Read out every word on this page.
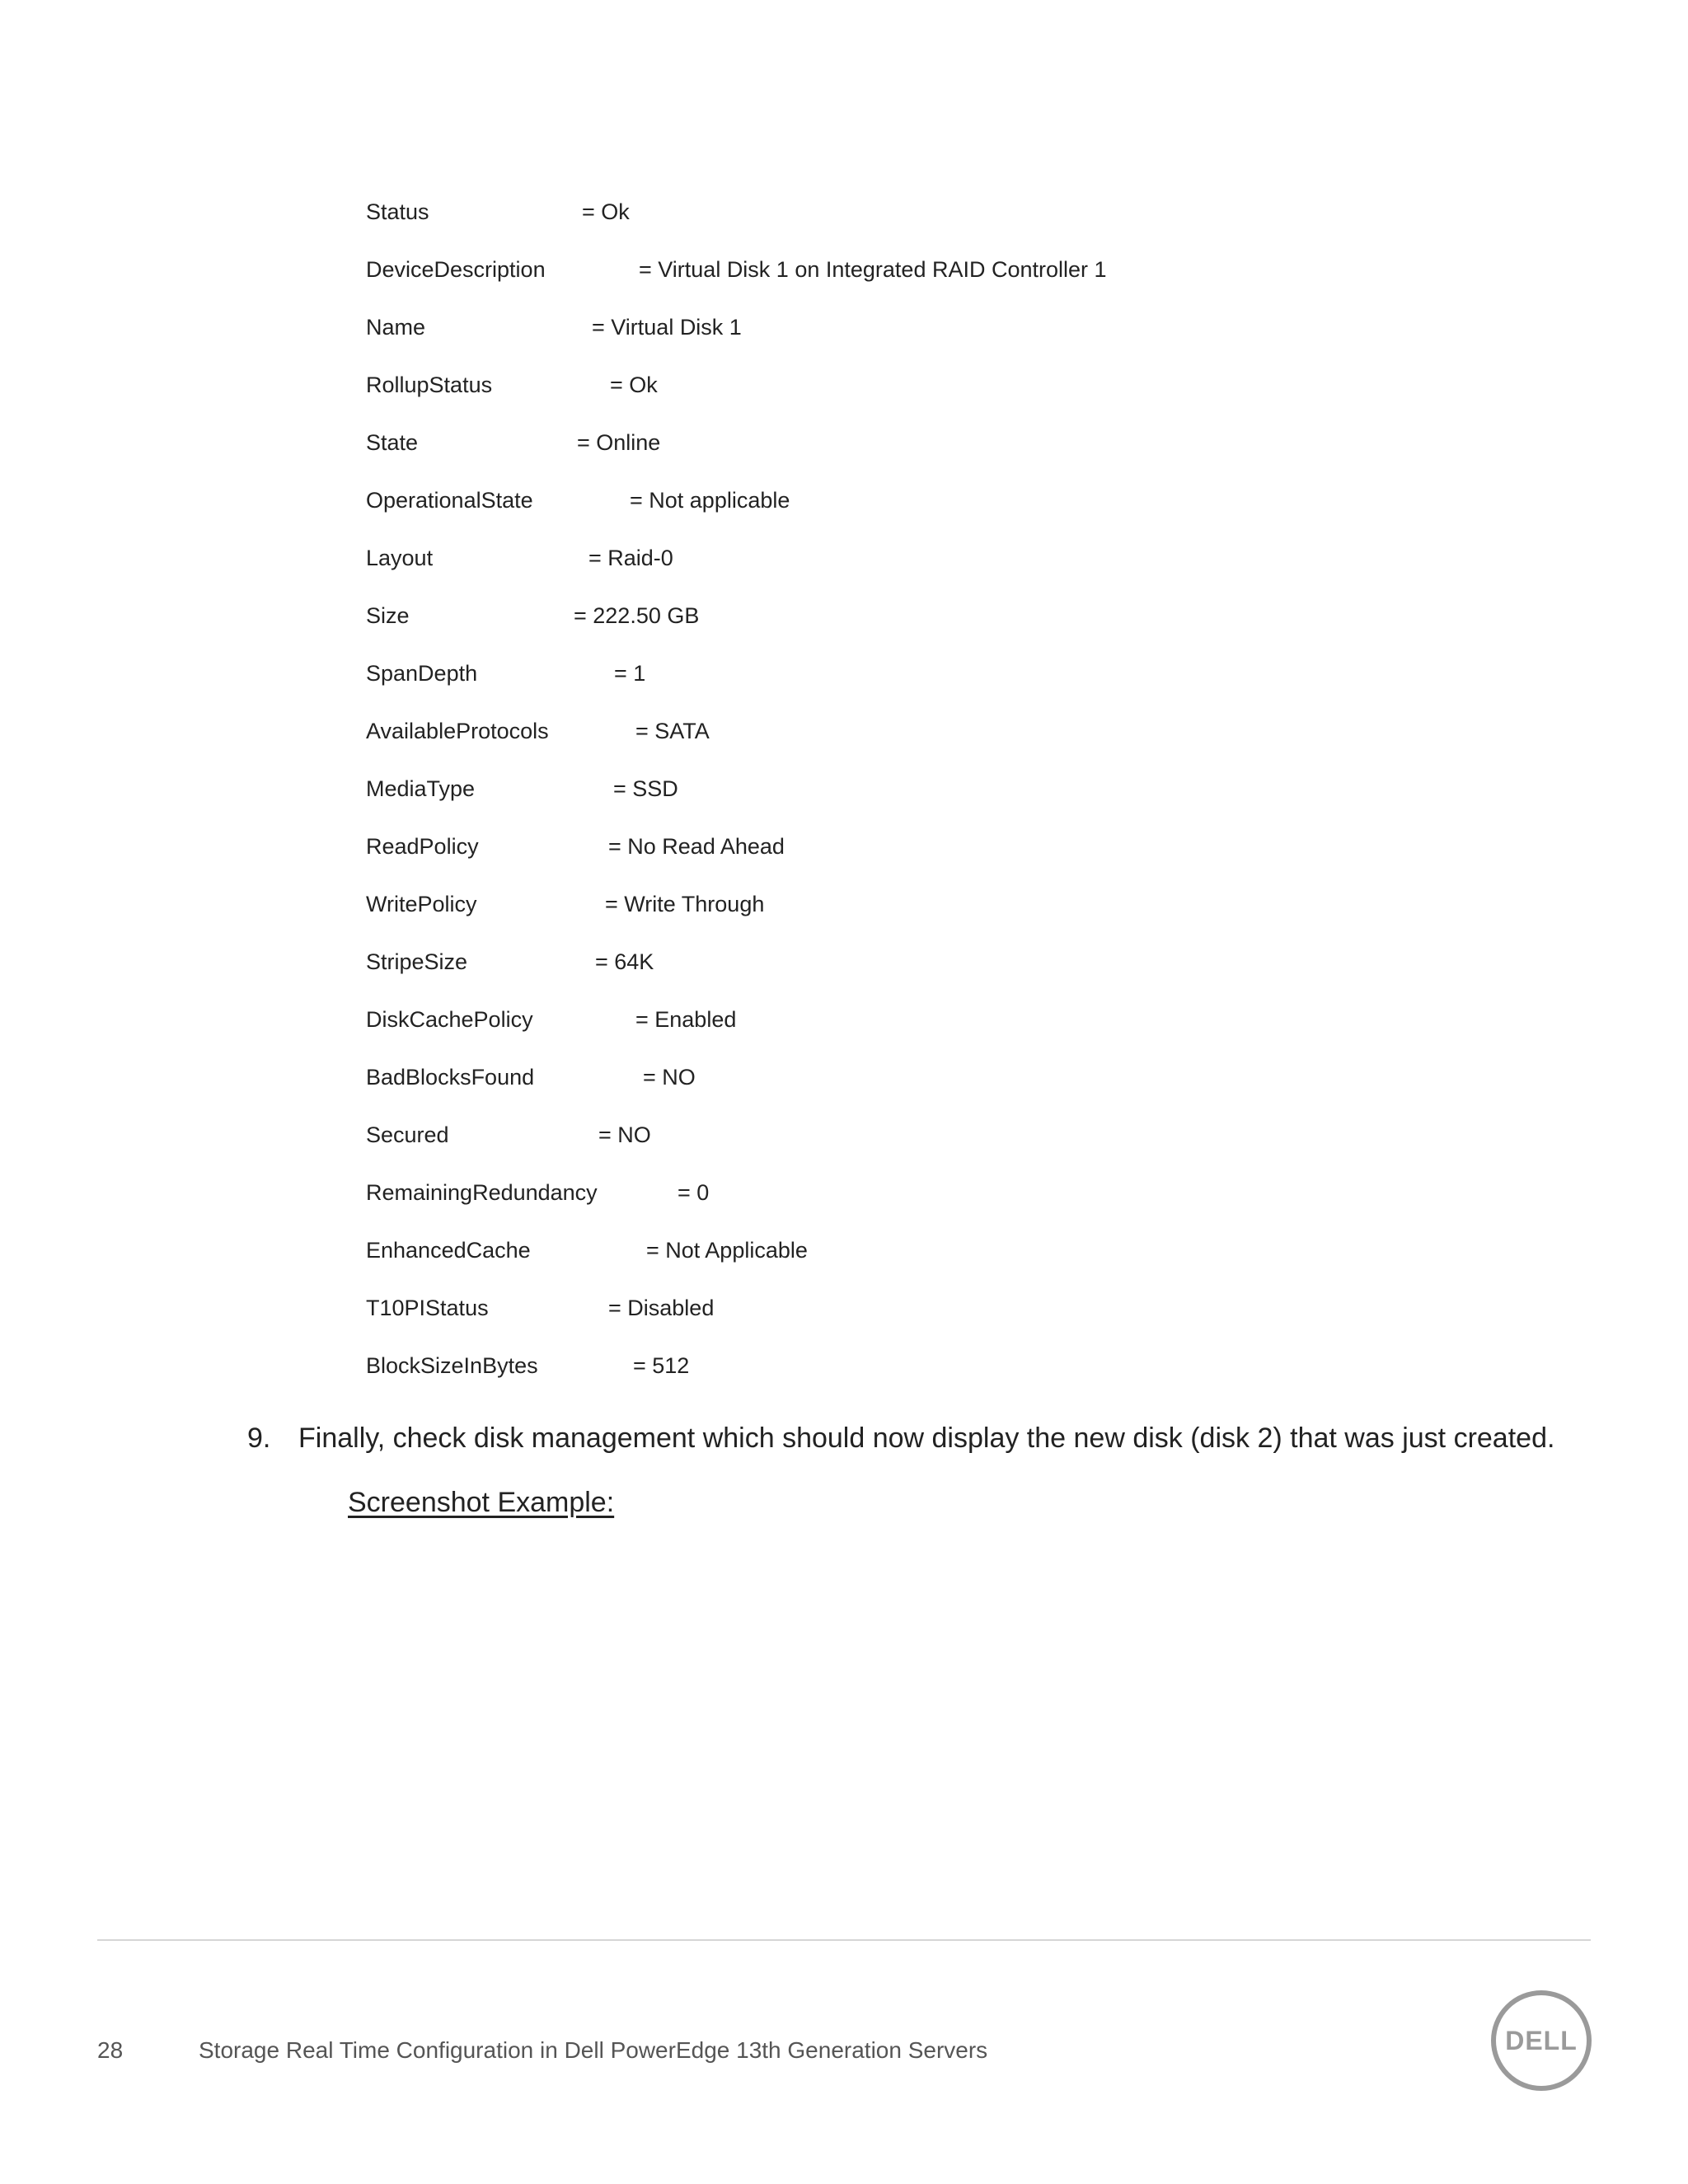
Status	= Ok
DeviceDescription	= Virtual Disk 1 on Integrated RAID Controller 1
Name	= Virtual Disk 1
RollupStatus	= Ok
State	= Online
OperationalState	= Not applicable
Layout	= Raid-0
Size	= 222.50 GB
SpanDepth	= 1
AvailableProtocols	= SATA
MediaType	= SSD
ReadPolicy	= No Read Ahead
WritePolicy	= Write Through
StripeSize	= 64K
DiskCachePolicy	= Enabled
BadBlocksFound	= NO
Secured	= NO
RemainingRedundancy	= 0
EnhancedCache	= Not Applicable
T10PIStatus	= Disabled
BlockSizeInBytes	= 512
9. Finally, check disk management which should now display the new disk (disk 2) that was just created.
Screenshot Example:
28	Storage Real Time Configuration in Dell PowerEdge 13th Generation Servers	DELL
